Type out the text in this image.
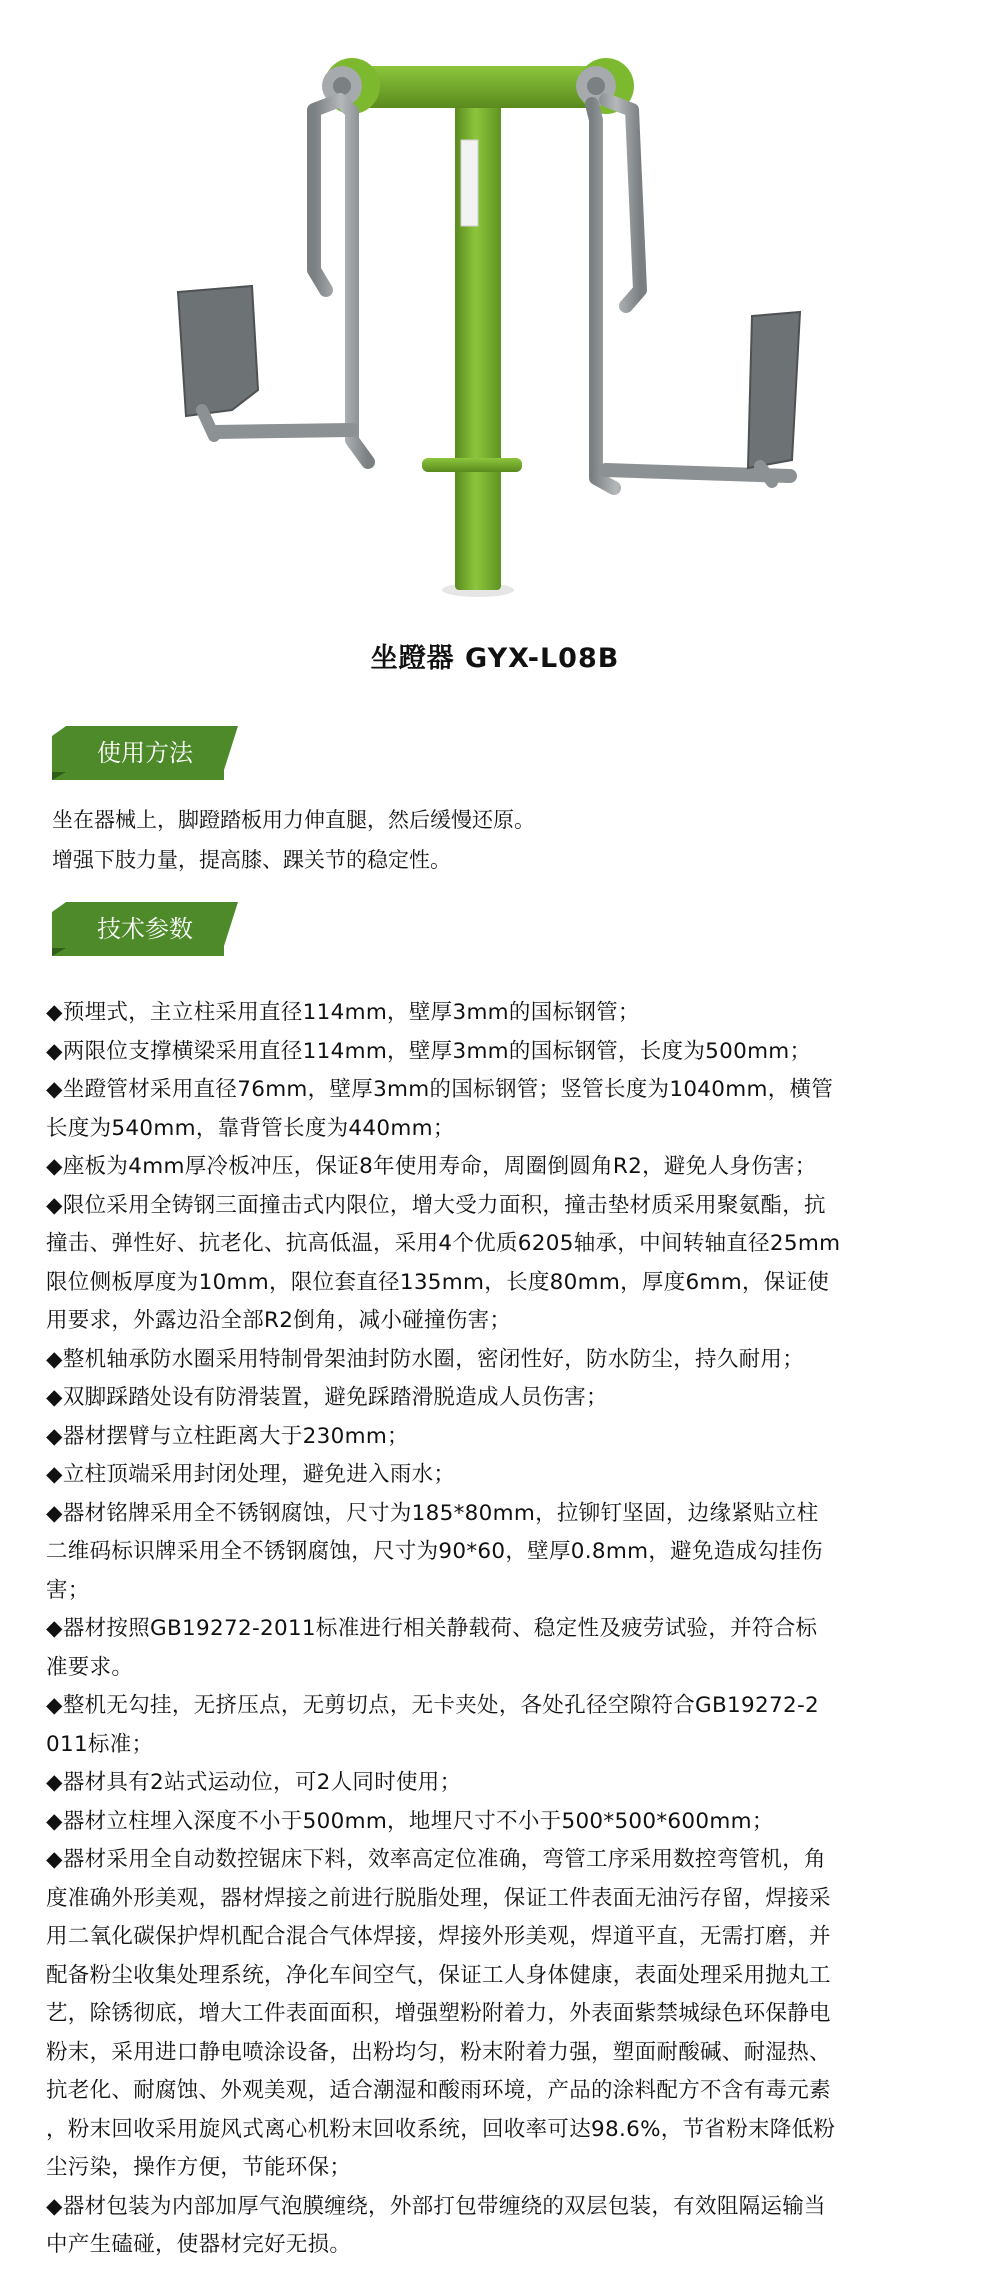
坐蹬器 GYX-L08B
使用方法

坐在器械上，脚蹬踏板用力伸直腿，然后缓慢还原。

增强下肢力量，提高膝、踝关节的稳定性。

技术参数

◆预埋式，主立柱采用直径114mm，壁厚3mm的国标钢管；

◆两限位支撑横梁采用直径114mm，壁厚3mm的国标钢管，长度为500mm；

◆坐蹬管材采用直径76mm，壁厚3mm的国标钢管；竖管长度为1040mm，横管

长度为540mm，靠背管长度为440mm；

◆座板为4mm厚冷板冲压，保证8年使用寿命，周圈倒圆角R2，避免人身伤害；

◆限位采用全铸钢三面撞击式内限位，增大受力面积，撞击垫材质采用聚氨酯，抗

撞击、弹性好、抗老化、抗高低温，采用4个优质6205轴承，中间转轴直径25mm

限位侧板厚度为10mm，限位套直径135mm，长度80mm，厚度6mm，保证使

用要求，外露边沿全部R2倒角，减小碰撞伤害；

◆整机轴承防水圈采用特制骨架油封防水圈，密闭性好，防水防尘，持久耐用；

◆双脚踩踏处设有防滑装置，避免踩踏滑脱造成人员伤害；

◆器材摆臂与立柱距离大于230mm；

◆立柱顶端采用封闭处理，避免进入雨水；

◆器材铭牌采用全不锈钢腐蚀，尺寸为185*80mm，拉铆钉坚固，边缘紧贴立柱

二维码标识牌采用全不锈钢腐蚀，尺寸为90*60，壁厚0.8mm，避免造成勾挂伤

害；

◆器材按照GB19272-2011标准进行相关静载荷、稳定性及疲劳试验，并符合标

准要求。

◆整机无勾挂，无挤压点，无剪切点，无卡夹处，各处孔径空隙符合GB19272-2

011标准；

◆器材具有2站式运动位，可2人同时使用；

◆器材立柱埋入深度不小于500mm，地埋尺寸不小于500*500*600mm；

◆器材采用全自动数控锯床下料，效率高定位准确，弯管工序采用数控弯管机，角

度准确外形美观，器材焊接之前进行脱脂处理，保证工件表面无油污存留，焊接采

用二氧化碳保护焊机配合混合气体焊接，焊接外形美观，焊道平直，无需打磨，并

配备粉尘收集处理系统，净化车间空气，保证工人身体健康，表面处理采用抛丸工

艺，除锈彻底，增大工件表面面积，增强塑粉附着力，外表面紫禁城绿色环保静电

粉末，采用进口静电喷涂设备，出粉均匀，粉末附着力强，塑面耐酸碱、耐湿热、

抗老化、耐腐蚀、外观美观，适合潮湿和酸雨环境，产品的涂料配方不含有毒元素

，粉末回收采用旋风式离心机粉末回收系统，回收率可达98.6%，节省粉末降低粉

尘污染，操作方便，节能环保；

◆器材包装为内部加厚气泡膜缠绕，外部打包带缠绕的双层包装，有效阻隔运输当

中产生磕碰，使器材完好无损。
